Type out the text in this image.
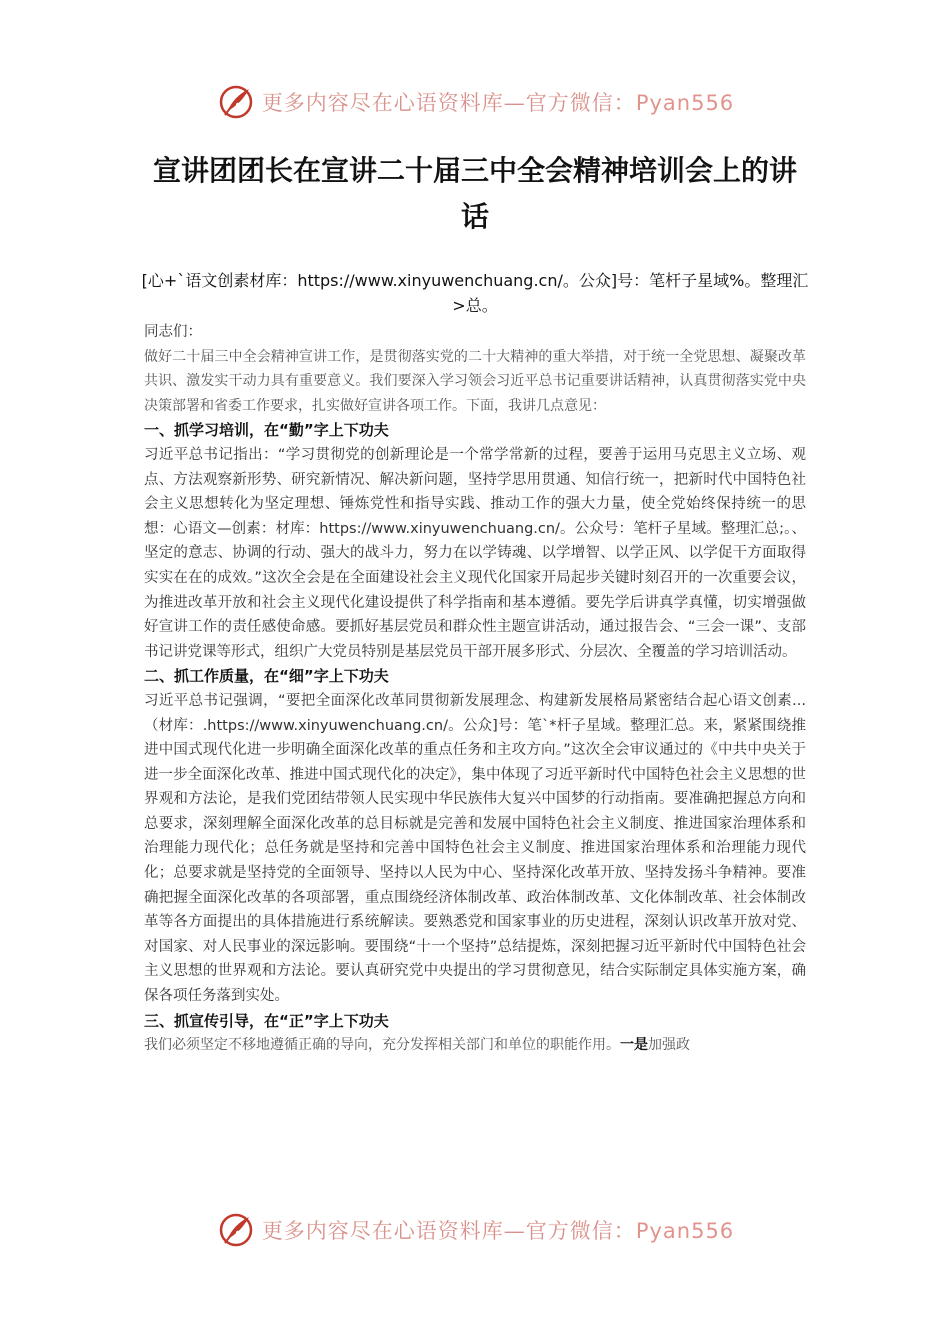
更多内容尽在心语资料库—官方微信：Pyan556
宣讲团团长在宣讲二十届三中全会精神培训会上的讲话
[心+`语文创素材库：https://www.xinyuwenchuang.cn/。公众]号：笔杆子星域%。整理汇>总。

同志们：

做好二十届三中全会精神宣讲工作，是贯彻落实党的二十大精神的重大举措，对于统一全党思想、凝聚改革共识、激发实干动力具有重要意义。我们要深入学习领会习近平总书记重要讲话精神，认真贯彻落实党中央决策部署和省委工作要求，扎实做好宣讲各项工作。下面，我讲几点意见：

一、抓学习培训，在“勤”字上下功夫

习近平总书记指出：“学习贯彻党的创新理论是一个常学常新的过程，要善于运用马克思主义立场、观点、方法观察新形势、研究新情况、解决新问题，坚持学思用贯通、知信行统一，把新时代中国特色社会主义思想转化为坚定理想、锤炼党性和指导实践、推动工作的强大力量，使全党始终保持统一的思想：心语文—创素：材库：https://www.xinyuwenchuang.cn/。公众号：笔杆子星域。整理汇总;。、坚定的意志、协调的行动、强大的战斗力，努力在以学铸魂、以学增智、以学正风、以学促干方面取得实实在在的成效。”这次全会是在全面建设社会主义现代化国家开局起步关键时刻召开的一次重要会议，为推进改革开放和社会主义现代化建设提供了科学指南和基本遵循。要先学后讲真学真懂，切实增强做好宣讲工作的责任感使命感。要抓好基层党员和群众性主题宣讲活动，通过报告会、“三会一课”、支部书记讲党课等形式，组织广大党员特别是基层党员干部开展多形式、分层次、全覆盖的学习培训活动。

二、抓工作质量，在“细”字上下功夫

习近平总书记强调，“要把全面深化改革同贯彻新发展理念、构建新发展格局紧密结合起心语文创素...（材库：.https://www.xinyuwenchuang.cn/。公众]号：笔`*杆子星域。整理汇总。来，紧紧围绕推进中国式现代化进一步明确全面深化改革的重点任务和主攻方向。”这次全会审议通过的《中共中央关于进一步全面深化改革、推进中国式现代化的决定》，集中体现了习近平新时代中国特色社会主义思想的世界观和方法论，是我们党团结带领人民实现中华民族伟大复兴中国梦的行动指南。要准确把握总方向和总要求，深刻理解全面深化改革的总目标就是完善和发展中国特色社会主义制度、推进国家治理体系和治理能力现代化；总任务就是坚持和完善中国特色社会主义制度、推进国家治理体系和治理能力现代化；总要求就是坚持党的全面领导、坚持以人民为中心、坚持深化改革开放、坚持发扬斗争精神。要准确把握全面深化改革的各项部署，重点围绕经济体制改革、政治体制改革、文化体制改革、社会体制改革等各方面提出的具体措施进行系统解读。要熟悉党和国家事业的历史进程，深刻认识改革开放对党、对国家、对人民事业的深远影响。要围绕“十一个坚持”总结提炼，深刻把握习近平新时代中国特色社会主义思想的世界观和方法论。要认真研究党中央提出的学习贯彻意见，结合实际制定具体实施方案，确保各项任务落到实处。

三、抓宣传引导，在“正”字上下功夫

我们必须坚定不移地遵循正确的导向，充分发挥相关部门和单位的职能作用。一是加强政

更多内容尽在心语资料库—官方微信：Pyan556
